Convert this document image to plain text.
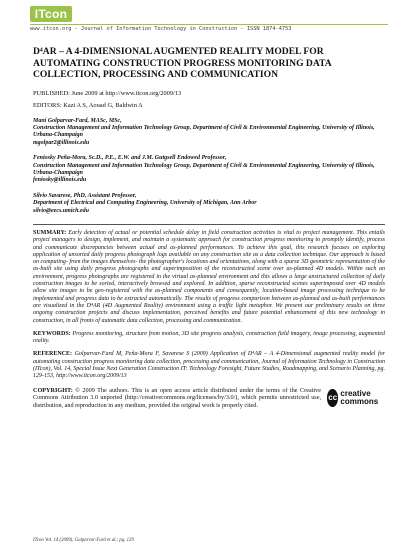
ITcon
www.itcon.org - Journal of Information Technology in Construction - ISSN 1874-4753
D⁴AR – A 4-DIMENSIONAL AUGMENTED REALITY MODEL FOR AUTOMATING CONSTRUCTION PROGRESS MONITORING DATA COLLECTION, PROCESSING AND COMMUNICATION
PUBLISHED: June 2009 at http://www.itcon.org/2009/13
EDITORS: Kazi A S, Aouad G, Baldwin A
Mani Golparvar-Fard, MASc, MSc,
Construction Management and Information Technology Group, Department of Civil & Environmental Engineering, University of Illinois, Urbana-Champaign
mgolpar2@illinois.edu
Feniosky Peña-Mora, Sc.D., P.E., E.W. and J.M. Gutgsell Endowed Professor,
Construction Management and Information Technology Group, Department of Civil & Environmental Engineering, University of Illinois, Urbana-Champaign
feniosky@illinois.edu
Silvio Savarese, PhD, Assistant Professor,
Department of Electrical and Computing Engineering, University of Michigan, Ann Arbor
silvio@eecs.umich.edu
SUMMARY: Early detection of actual or potential schedule delay in field construction activities is vital to project management. This entails project managers to design, implement, and maintain a systematic approach for construction progress monitoring to promptly identify, process and communicate discrepancies between actual and as-planned performances. To achieve this goal, this research focuses on exploring application of unsorted daily progress photograph logs available on any construction site as a data collection technique. Our approach is based on computing- from the images themselves- the photographer's locations and orientations, along with a sparse 3D geometric representation of the as-built site using daily progress photographs and superimposition of the reconstructed scene over as-planned 4D models. Within such an environment, progress photographs are registered in the virtual as-planned environment and this allows a large unstructured collection of daily construction images to be sorted, interactively browsed and explored. In addition, sparse reconstructed scenes superimposed over 4D models allow site images to be geo-registered with the as-planned components and consequently, location-based image processing technique to be implemented and progress data to be extracted automatically. The results of progress comparison between as-planned and as-built performances are visualized in the D⁴AR (4D Augmented Reality) environment using a traffic light metaphor. We present our preliminary results on three ongoing construction projects and discuss implementation, perceived benefits and future potential enhancement of this new technology in construction, in all fronts of automatic data collection, processing and communication.
KEYWORDS: Progress monitoring, structure from motion, 3D site progress analysis, construction field imagery, image processing, augmented reality.
REFERENCE: Golparvar-Fard M, Peña-Mora F, Savarese S (2009) Application of D⁴AR – A 4-Dimensional augmented reality model for automating construction progress monitoring data collection, processing and communication, Journal of Information Technology in Construction (ITcon), Vol. 14, Special Issue Next Generation Construction IT: Technology Foresight, Future Studies, Roadmapping, and Scenario Planning, pg. 129-153, http://www.itcon.org/2009/13
COPYRIGHT: © 2009 The authors. This is an open access article distributed under the terms of the Creative Commons Attribution 3.0 unported (http://creativecommons.org/licenses/by/3.0/), which permits unrestricted use, distribution, and reproduction in any medium, provided the original work is properly cited.
cc creative commons
ITcon Vol. 14 (2009), Golparvar-Fard et al.; pg. 129
